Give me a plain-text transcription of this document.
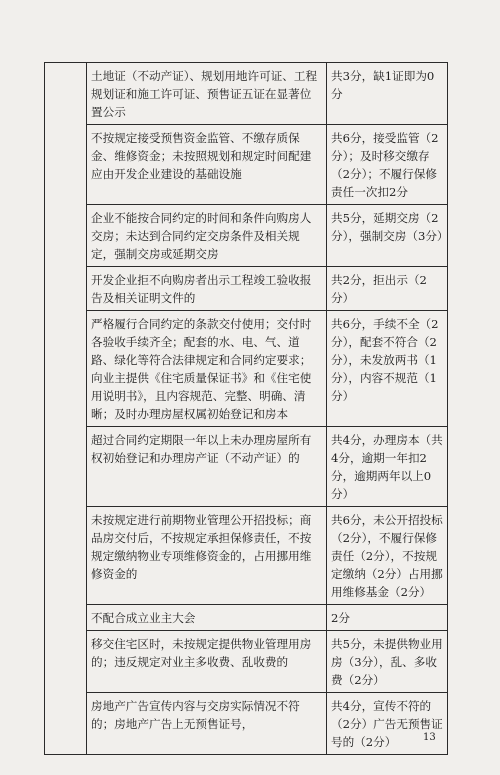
	土地证（不动产证）、规划用地许可证、工程规划证和施工许可证、预售证五证在显著位置公示	共3分，缺1证即为0分
	不按规定接受预售资金监管、不缴存质保金、维修资金；未按照规划和规定时间配建应由开发企业建设的基础设施	共6分，接受监管（2分）；及时移交缴存（2分）；不履行保修责任一次扣2分
	企业不能按合同约定的时间和条件向购房人交房；未达到合同约定交房条件及相关规定，强制交房或延期交房	共5分，延期交房（2分），强制交房（3分）
	开发企业拒不向购房者出示工程竣工验收报告及相关证明文件的	共2分，拒出示（2分）
	严格履行合同约定的条款交付使用；交付时各验收手续齐全；配套的水、电、气、道路、绿化等符合法律规定和合同约定要求；向业主提供《住宅质量保证书》和《住宅使用说明书》，且内容规范、完整、明确、清晰；及时办理房屋权属初始登记和房本	共6分，手续不全（2分），配套不符合（2分），未发放两书（1分），内容不规范（1分）
	超过合同约定期限一年以上未办理房屋所有权初始登记和办理房产证（不动产证）的	共4分，办理房本（共4分，逾期一年扣2分，逾期两年以上0分）
	未按规定进行前期物业管理公开招投标；商品房交付后，不按规定承担保修责任，不按规定缴纳物业专项维修资金的，占用挪用维修资金的	共6分，未公开招投标（2分），不履行保修责任（2分），不按规定缴纳（2分）占用挪用维修基金（2分）
	不配合成立业主大会	2分
	移交住宅区时，未按规定提供物业管理用房的；违反规定对业主多收费、乱收费的	共5分，未提供物业用房（3分），乱、多收费（2分）
	房地产广告宣传内容与交房实际情况不符的；房地产广告上无预售证号，	共4分，宣传不符的（2分）广告无预售证号的（2分）	13
